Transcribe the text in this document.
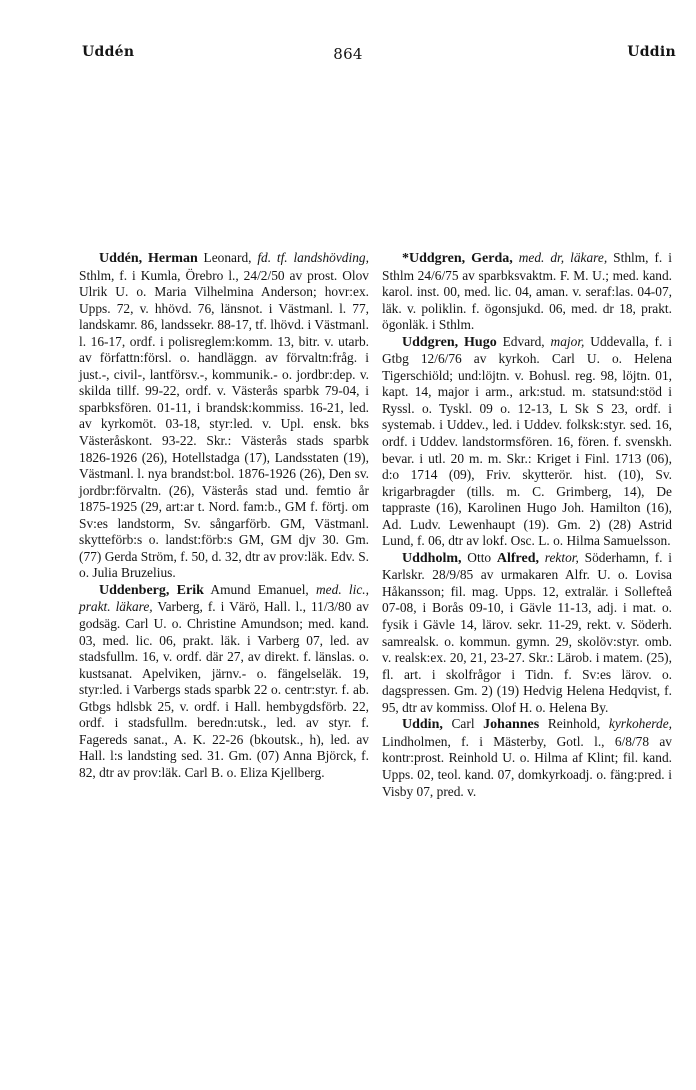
Uddén	864	Uddin

Uddén, Herman Leonard, fd. tf. landshövding, Sthlm, f. i Kumla, Örebro l., 24/2/50 av prost. Olov Ulrik U. o. Maria Vilhelmina Anderson; hovr:ex. Upps. 72, v. hhövd. 76, länsnot. i Västmanl. l. 77, landskamr. 86, landssekr. 88-17, tf. lhövd. i Västmanl. l. 16-17, ordf. i polisreglem:komm. 13, bitr. v. utarb. av författn:försl. o. handläggn. av förvaltn:fråg. i just.-, civil-, lantförsv.-, kommunik.- o. jordbr:dep. v. skilda tillf. 99-22, ordf. v. Västerås sparbk 79-04, i sparbksfören. 01-11, i brandsk:kommiss. 16-21, led. av kyrkomöt. 03-18, styr:led. v. Upl. ensk. bks Västeråskont. 93-22. Skr.: Västerås stads sparbk 1826-1926 (26), Hotellstadga (17), Landsstaten (19), Västmanl. l. nya brandst:bol. 1876-1926 (26), Den sv. jordbr:förvaltn. (26), Västerås stad und. femtio år 1875-1925 (29, art:ar t. Nord. fam:b., GM f. förtj. om Sv:es landstorm, Sv. sångarförb. GM, Västmanl. skytteförb:s o. landst:förb:s GM, GM djv 30. Gm. (77) Gerda Ström, f. 50, d. 32, dtr av prov:läk. Edv. S. o. Julia Bruzelius.

Uddenberg, Erik Amund Emanuel, med. lic., prakt. läkare, Varberg, f. i Värö, Hall. l., 11/3/80 av godsäg. Carl U. o. Christine Amundson; med. kand. 03, med. lic. 06, prakt. läk. i Varberg 07, led. av stadsfullm. 16, v. ordf. där 27, av direkt. f. länslas. o. kustsanat. Apelviken, järnv.- o. fängelseläk. 19, styr:led. i Varbergs stads sparbk 22 o. centr:styr. f. ab. Gtbgs hdlsbk 25, v. ordf. i Hall. hembygdsförb. 22, ordf. i stadsfullm. beredn:utsk., led. av styr. f. Fagereds sanat., A. K. 22-26 (bkoutsk., h), led. av Hall. l:s landsting sed. 31. Gm. (07) Anna Björck, f. 82, dtr av prov:läk. Carl B. o. Eliza Kjellberg.

*Uddgren, Gerda, med. dr, läkare, Sthlm, f. i Sthlm 24/6/75 av sparbksvaktm. F. M. U.; med. kand. karol. inst. 00, med. lic. 04, aman. v. seraf:las. 04-07, läk. v. poliklin. f. ögonsjukd. 06, med. dr 18, prakt. ögonläk. i Sthlm.

Uddgren, Hugo Edvard, major, Uddevalla, f. i Gtbg 12/6/76 av kyrkoh. Carl U. o. Helena Tigerschiöld; und:löjtn. v. Bohusl. reg. 98, löjtn. 01, kapt. 14, major i arm., ark:stud. m. statsund:stöd i Ryssl. o. Tyskl. 09 o. 12-13, L Sk S 23, ordf. i systemab. i Uddev., led. i Uddev. folksk:styr. sed. 16, ordf. i Uddev. landstormsfören. 16, fören. f. svenskh. bevar. i utl. 20 m. m. Skr.: Kriget i Finl. 1713 (06), d:o 1714 (09), Friv. skytterör. hist. (10), Sv. krigarbragder (tills. m. C. Grimberg, 14), De tappraste (16), Karolinen Hugo Joh. Hamilton (16), Ad. Ludv. Lewenhaupt (19). Gm. 2) (28) Astrid Lund, f. 06, dtr av lokf. Osc. L. o. Hilma Samuelsson.

Uddholm, Otto Alfred, rektor, Söderhamn, f. i Karlskr. 28/9/85 av urmakaren Alfr. U. o. Lovisa Håkansson; fil. mag. Upps. 12, extralär. i Sollefteå 07-08, i Borås 09-10, i Gävle 11-13, adj. i mat. o. fysik i Gävle 14, lärov. sekr. 11-29, rekt. v. Söderh. samrealsk. o. kommun. gymn. 29, skolöv:styr. omb. v. realsk:ex. 20, 21, 23-27. Skr.: Lärob. i matem. (25), fl. art. i skolfrågor i Tidn. f. Sv:es lärov. o. dagspressen. Gm. 2) (19) Hedvig Helena Hedqvist, f. 95, dtr av kommiss. Olof H. o. Helena By.

Uddin, Carl Johannes Reinhold, kyrkoherde, Lindholmen, f. i Mästerby, Gotl. l., 6/8/78 av kontr:prost. Reinhold U. o. Hilma af Klint; fil. kand. Upps. 02, teol. kand. 07, domkyrkoadj. o. fäng:pred. i Visby 07, pred. v.
